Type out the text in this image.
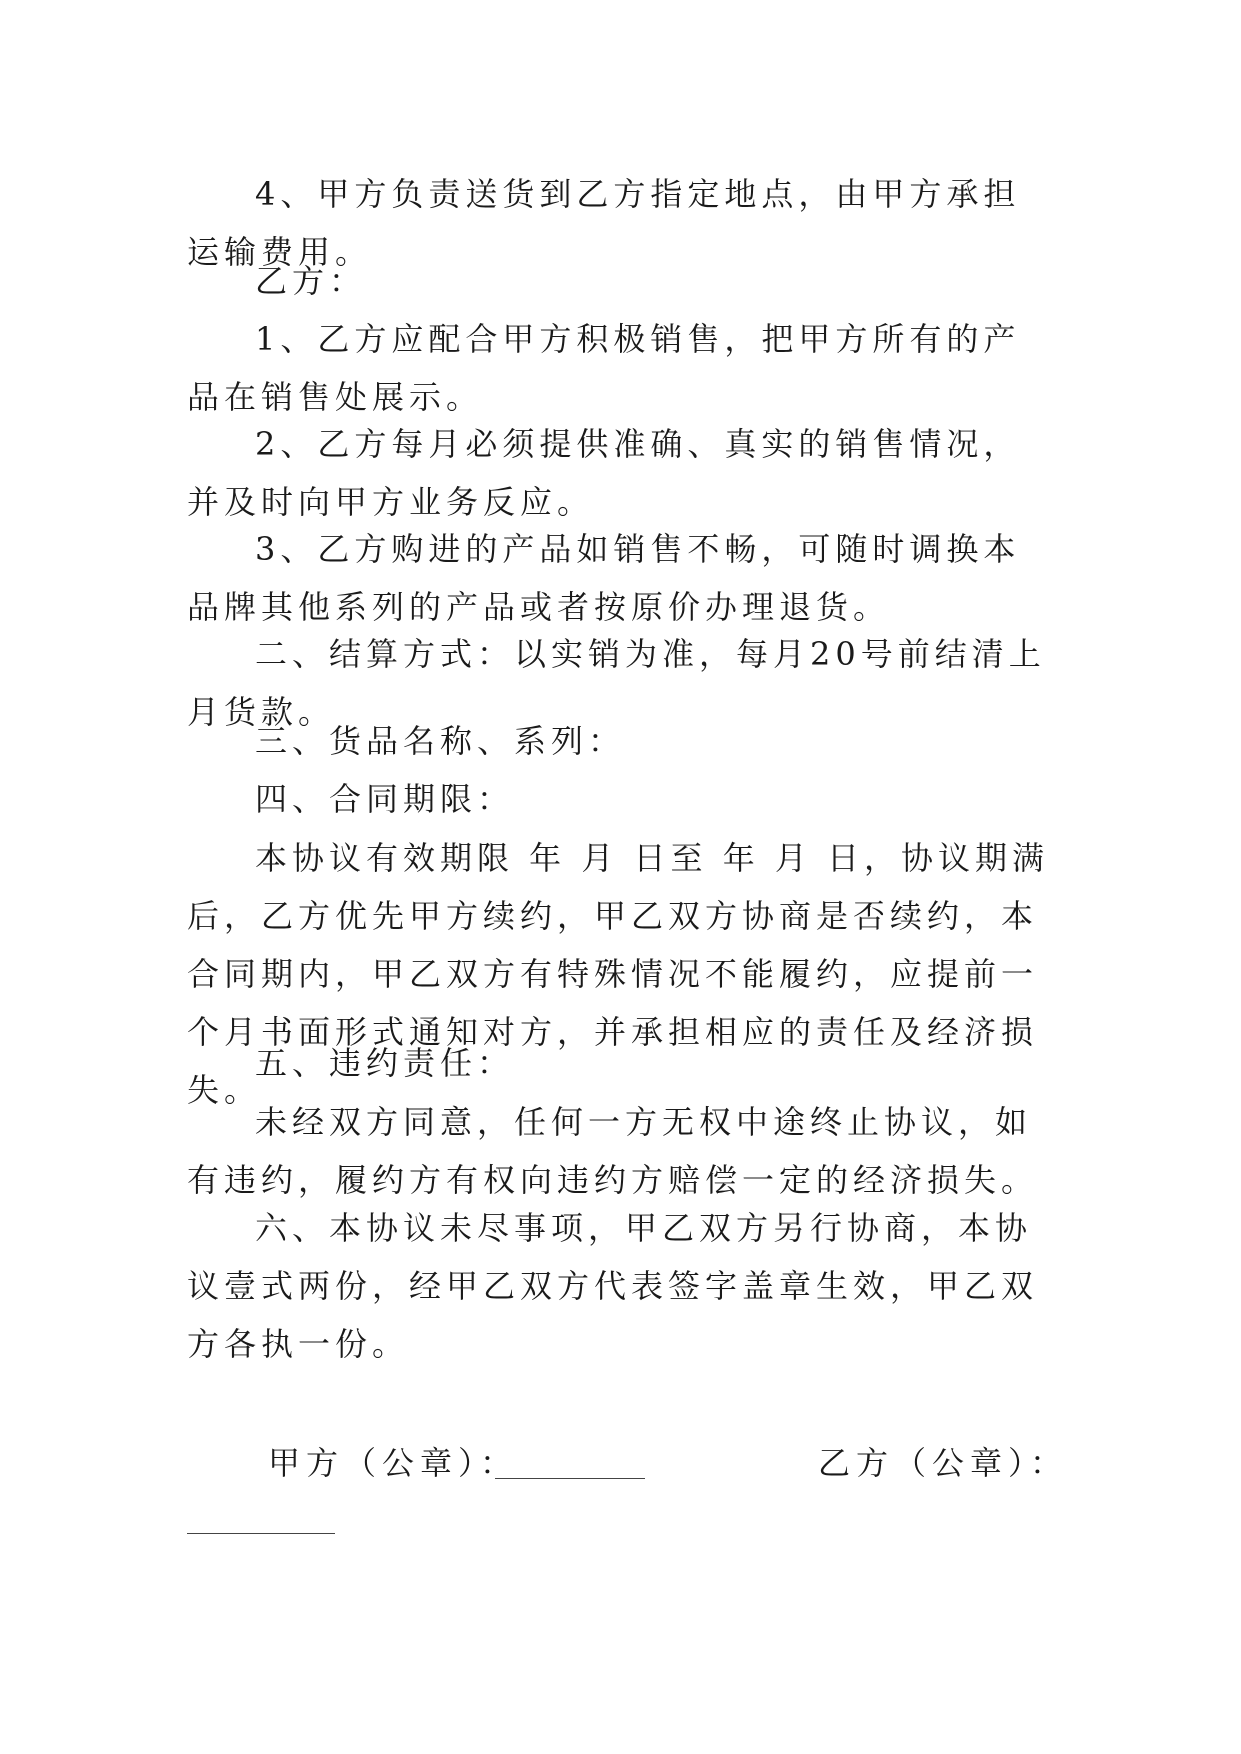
4、甲方负责送货到乙方指定地点，由甲方承担运输费用。

乙方：

1、乙方应配合甲方积极销售，把甲方所有的产品在销售处展示。

2、乙方每月必须提供准确、真实的销售情况，并及时向甲方业务反应。

3、乙方购进的产品如销售不畅，可随时调换本品牌其他系列的产品或者按原价办理退货。

二、结算方式：以实销为准，每月20号前结清上月货款。

三、货品名称、系列：

四、合同期限：

本协议有效期限 年 月 日至 年 月 日，协议期满后，乙方优先甲方续约，甲乙双方协商是否续约，本合同期内，甲乙双方有特殊情况不能履约，应提前一个月书面形式通知对方，并承担相应的责任及经济损失。

五、违约责任：

未经双方同意，任何一方无权中途终止协议，如有违约，履约方有权向违约方赔偿一定的经济损失。

六、本协议未尽事项，甲乙双方另行协商，本协议壹式两份，经甲乙双方代表签字盖章生效，甲乙双方各执一份。

甲方（公章）：	乙方（公章）：
